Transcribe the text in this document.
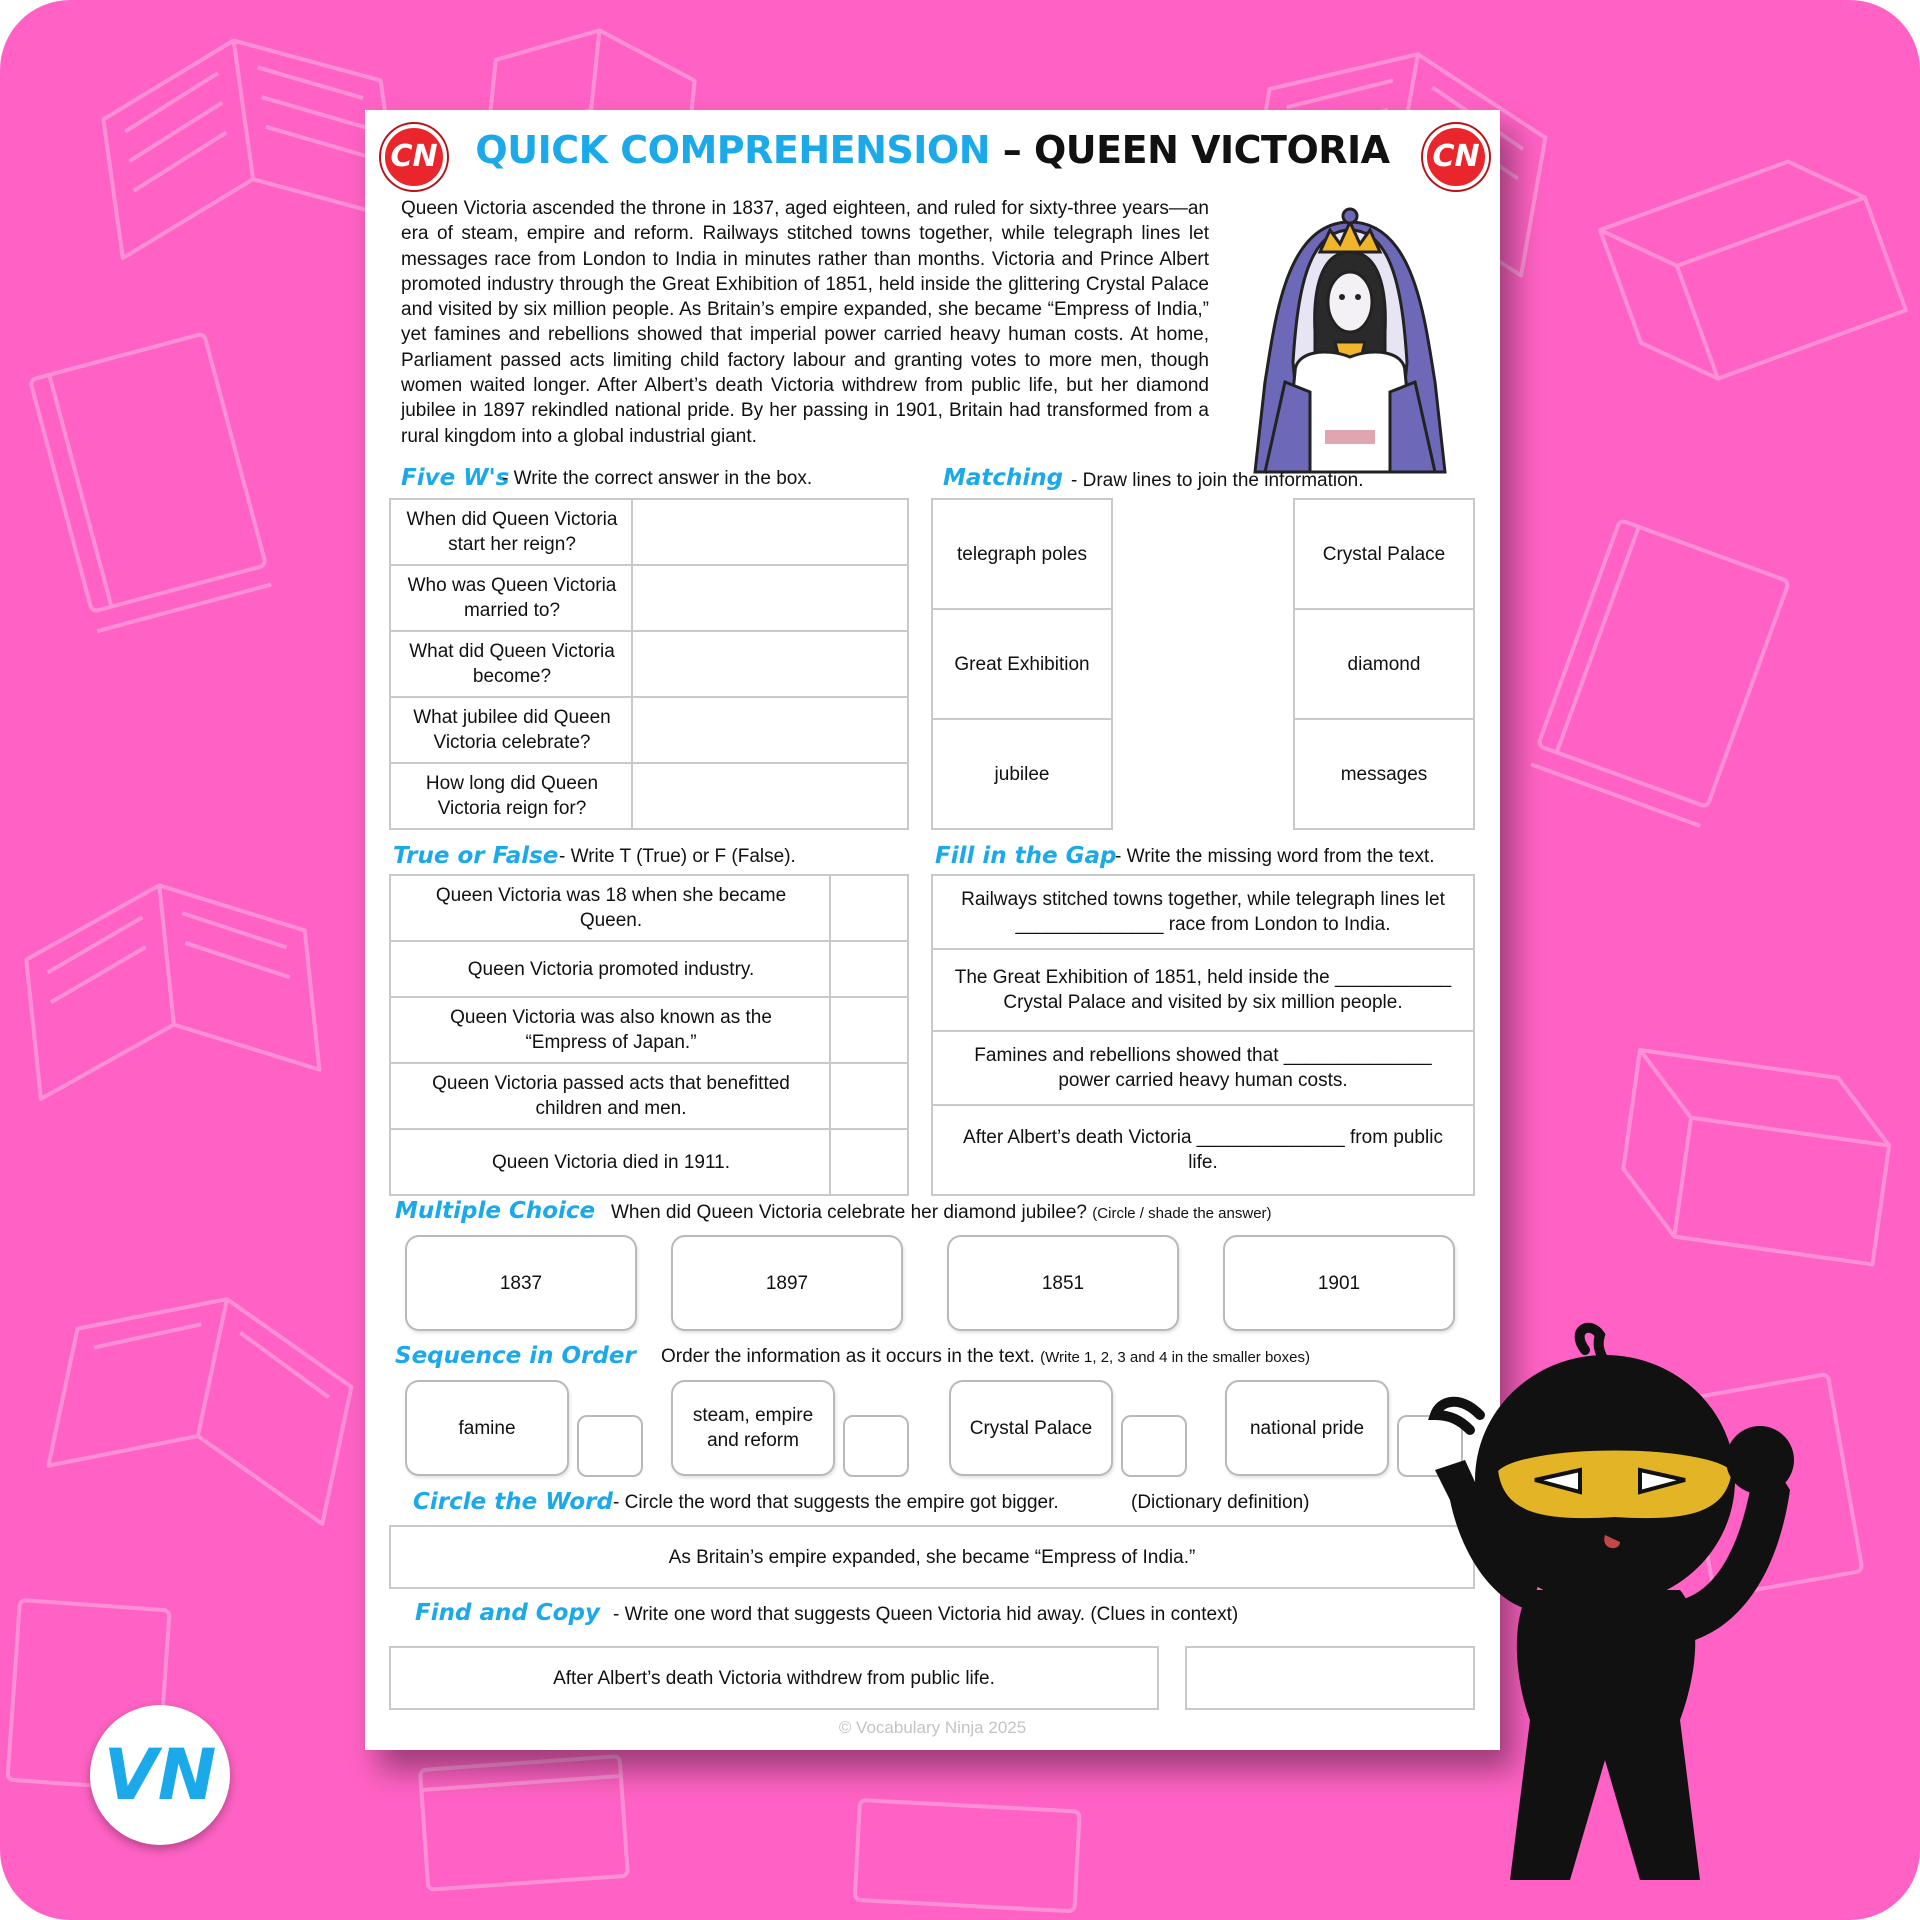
CN	CN
QUICK COMPREHENSION – QUEEN VICTORIA
Queen Victoria ascended the throne in 1837, aged eighteen, and ruled for sixty-three years—an era of steam, empire and reform. Railways stitched towns together, while telegraph lines let messages race from London to India in minutes rather than months. Victoria and Prince Albert promoted industry through the Great Exhibition of 1851, held inside the glittering Crystal Palace and visited by six million people. As Britain’s empire expanded, she became “Empress of India,” yet famines and rebellions showed that imperial power carried heavy human costs. At home, Parliament passed acts limiting child factory labour and granting votes to more men, though women waited longer. After Albert’s death Victoria withdrew from public life, but her diamond jubilee in 1897 rekindled national pride. By her passing in 1901, Britain had transformed from a rural kingdom into a global industrial giant.
Five W's
- Write the correct answer in the box.
When did Queen Victoria start her reign?
Who was Queen Victoria married to?
What did Queen Victoria become?
What jubilee did Queen Victoria celebrate?
How long did Queen Victoria reign for?
Matching - Draw lines to join the information.
telegraph poles
Great Exhibition
jubilee
Crystal Palace
diamond
messages
True or False - Write T (True) or F (False).
Queen Victoria was 18 when she became Queen.
Queen Victoria promoted industry.
Queen Victoria was also known as the “Empress of Japan.”
Queen Victoria passed acts that benefitted children and men.
Queen Victoria died in 1911.
Fill in the Gap
- Write the missing word from the text.
Railways stitched towns together, while telegraph lines let ______________ race from London to India.
The Great Exhibition of 1851, held inside the ___________ Crystal Palace and visited by six million people.
Famines and rebellions showed that ______________ power carried heavy human costs.
After Albert’s death Victoria ______________ from public life.
Multiple Choice When did Queen Victoria celebrate her diamond jubilee? (Circle / shade the answer)
1837	1897	1851	1901
Sequence in Order Order the information as it occurs in the text. (Write 1, 2, 3 and 4 in the smaller boxes)
famine
steam, empire and reform
Crystal Palace	national pride
Circle the Word - Circle the word that suggests the empire got bigger.	(Dictionary definition)
As Britain’s empire expanded, she became “Empress of India.”
Find and Copy - Write one word that suggests Queen Victoria hid away. (Clues in context)
After Albert’s death Victoria withdrew from public life.
© Vocabulary Ninja 2025
VN
